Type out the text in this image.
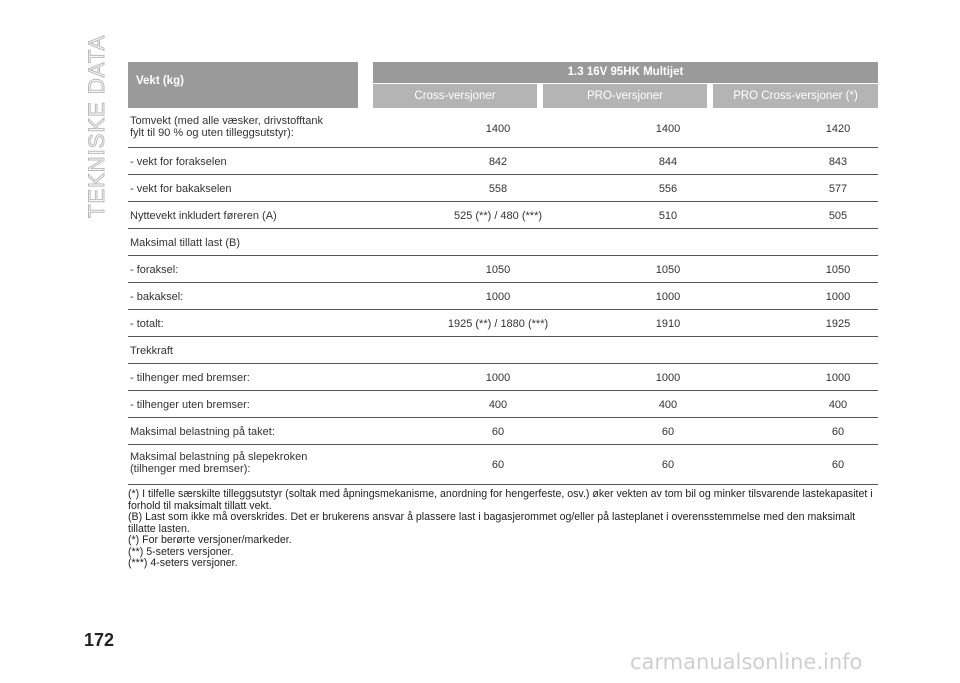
TEKNISKE DATA	Vekt (kg)
1.3 16V 95HK Multijet
Cross-versjoner	PRO-versjoner	PRO Cross-versjoner (*)
Tomvekt (med alle væsker, drivstofftank
fylt til 90 % og uten tilleggsutstyr):	1400	1400	1420
- vekt for forakselen	842	844	843
- vekt for bakakselen	558	556	577
Nyttevekt inkludert føreren (A)	525 (**) / 480 (***)	510	505
Maksimal tillatt last (B)
- foraksel:	1050	1050	1050
- bakaksel:	1000	1000	1000
- totalt:	1925 (**) / 1880 (***)	1910	1925
Trekkraft
- tilhenger med bremser:	1000	1000	1000
- tilhenger uten bremser:	400	400	400
Maksimal belastning på taket:	60	60	60
Maksimal belastning på slepekroken
(tilhenger med bremser):	60	60	60

(*) I tilfelle særskilte tilleggsutstyr (soltak med åpningsmekanisme, anordning for hengerfeste, osv.) øker vekten av tom bil og minker tilsvarende lastekapasitet i forhold til maksimalt tillatt vekt.

(B) Last som ikke må overskrides. Det er brukerens ansvar å plassere last i bagasjerommet og/eller på lasteplanet i overensstemmelse med den maksimalt tillatte lasten.

(*) For berørte versjoner/markeder.

(**) 5-seters versjoner.

(***) 4-seters versjoner.

172
carmanualsonline.info
